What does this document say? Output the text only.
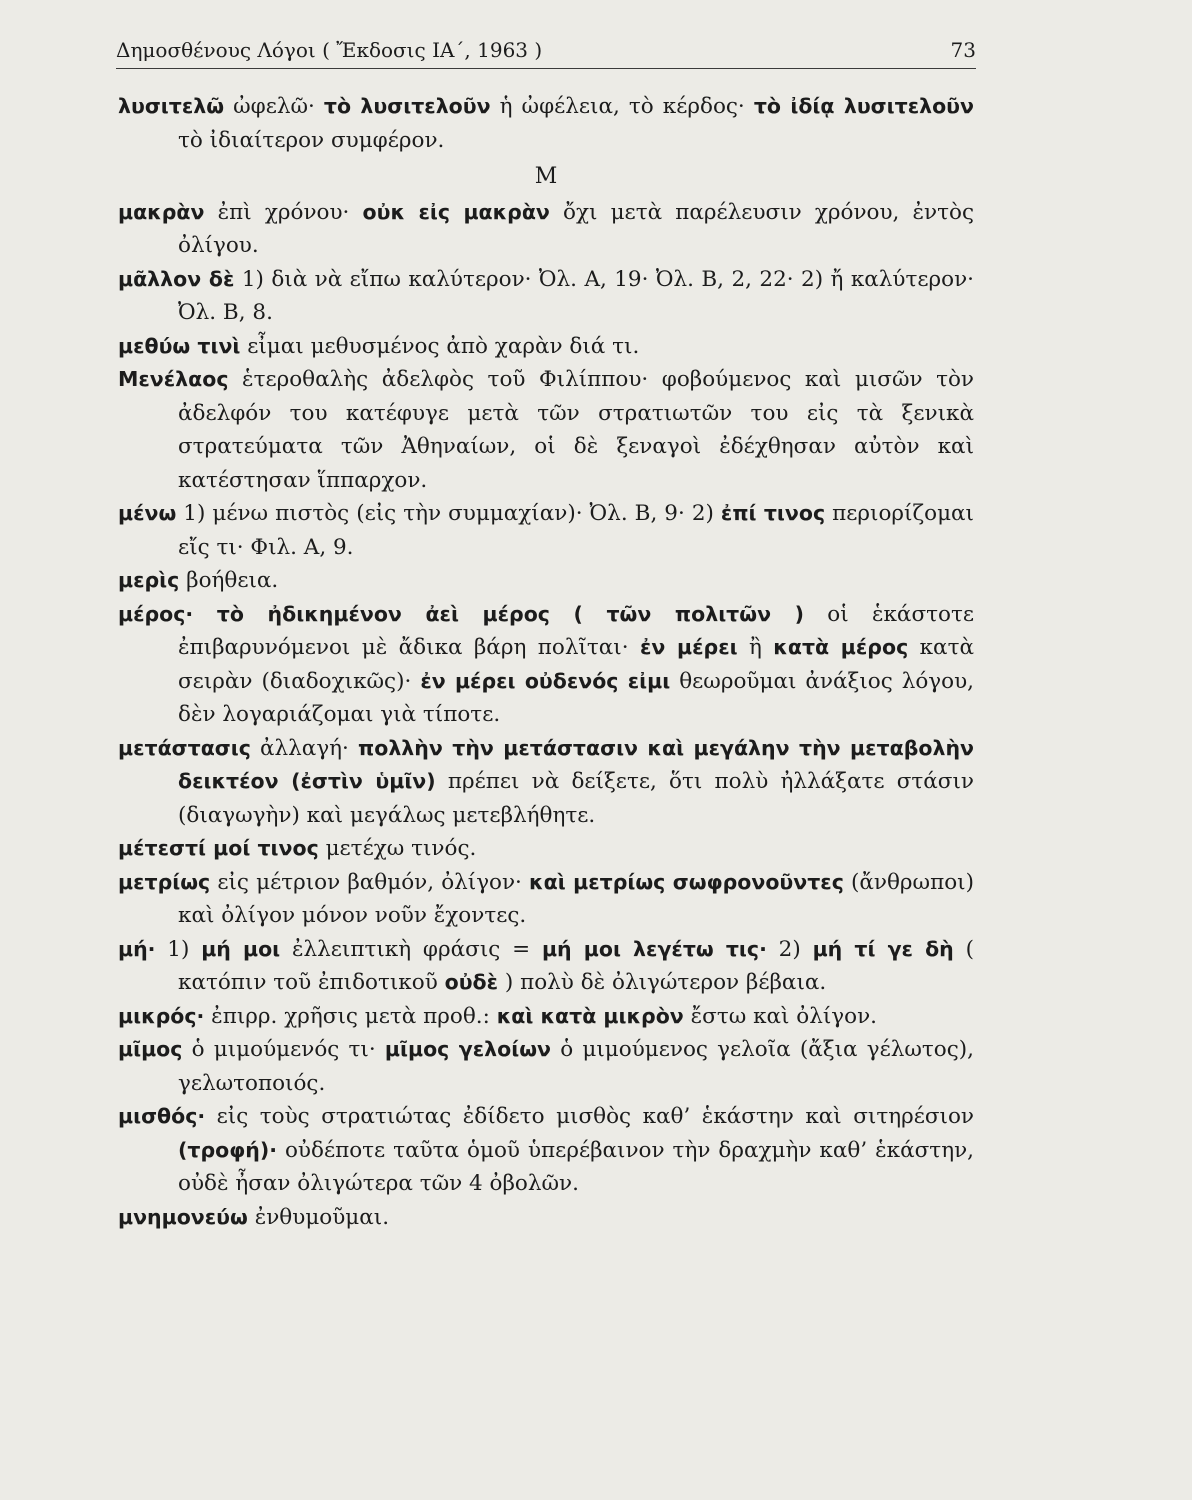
Δημοσθένους Λόγοι ( Ἔκδοσις ΙΑ΄, 1963 )	73

λυσιτελῶ ὠφελῶ· τὸ λυσιτελοῦν ἡ ὠφέλεια, τὸ κέρδος· τὸ ἰδίᾳ λυσιτελοῦν τὸ ἰδιαίτερον συμφέρον.

Μ

μακρὰν ἐπὶ χρόνου· οὐκ εἰς μακρὰν ὄχι μετὰ παρέλευσιν χρόνου, ἐντὸς ὀλίγου.

μᾶλλον δὲ 1) διὰ νὰ εἴπω καλύτερον· Ὀλ. Α, 19· Ὀλ. Β, 2, 22· 2) ἤ καλύτερον· Ὀλ. Β, 8.

μεθύω τινὶ εἶμαι μεθυσμένος ἀπὸ χαρὰν διά τι.

Μενέλαος ἑτεροθαλὴς ἀδελφὸς τοῦ Φιλίππου· φοβούμενος καὶ μισῶν τὸν ἀδελφόν του κατέφυγε μετὰ τῶν στρατιωτῶν του εἰς τὰ ξενικὰ στρατεύματα τῶν Ἀθηναίων, οἱ δὲ ξεναγοὶ ἐδέχθησαν αὐτὸν καὶ κατέστησαν ἵππαρχον.

μένω 1) μένω πιστὸς (εἰς τὴν συμμαχίαν)· Ὀλ. Β, 9· 2) ἐπί τινος περιορίζομαι εἴς τι· Φιλ. Α, 9.

μερὶς βοήθεια.

μέρος· τὸ ἠδικημένον ἀεὶ μέρος ( τῶν πολιτῶν ) οἱ ἑκάστοτε ἐπιβαρυνόμενοι μὲ ἄδικα βάρη πολῖται· ἐν μέρει ἢ κατὰ μέρος κατὰ σειρὰν (διαδοχικῶς)· ἐν μέρει οὐδενός εἰμι θεωροῦμαι ἀνάξιος λόγου, δὲν λογαριάζομαι γιὰ τίποτε.

μετάστασις ἀλλαγή· πολλὴν τὴν μετάστασιν καὶ μεγάλην τὴν μεταβολὴν δεικτέον (ἐστὶν ὑμῖν) πρέπει νὰ δείξετε, ὅτι πολὺ ἠλλάξατε στάσιν (διαγωγὴν) καὶ μεγάλως μετεβλήθητε.

μέτεστί μοί τινος μετέχω τινός.

μετρίως εἰς μέτριον βαθμόν, ὀλίγον· καὶ μετρίως σωφρονοῦντες (ἄνθρωποι) καὶ ὀλίγον μόνον νοῦν ἔχοντες.

μή· 1) μή μοι ἐλλειπτικὴ φράσις = μή μοι λεγέτω τις· 2) μή τί γε δὴ ( κατόπιν τοῦ ἐπιδοτικοῦ οὐδὲ ) πολὺ δὲ ὀλιγώτερον βέβαια.

μικρός· ἐπιρρ. χρῆσις μετὰ προθ.: καὶ κατὰ μικρὸν ἔστω καὶ ὀλίγον.

μῖμος ὁ μιμούμενός τι· μῖμος γελοίων ὁ μιμούμενος γελοῖα (ἄξια γέλωτος), γελωτοποιός.

μισθός· εἰς τοὺς στρατιώτας ἐδίδετο μισθὸς καθ’ ἑκάστην καὶ σιτηρέσιον (τροφή)· οὐδέποτε ταῦτα ὁμοῦ ὑπερέβαινον τὴν δραχμὴν καθ’ ἑκάστην, οὐδὲ ἦσαν ὀλιγώτερα τῶν 4 ὀβολῶν.

μνημονεύω ἐνθυμοῦμαι.
